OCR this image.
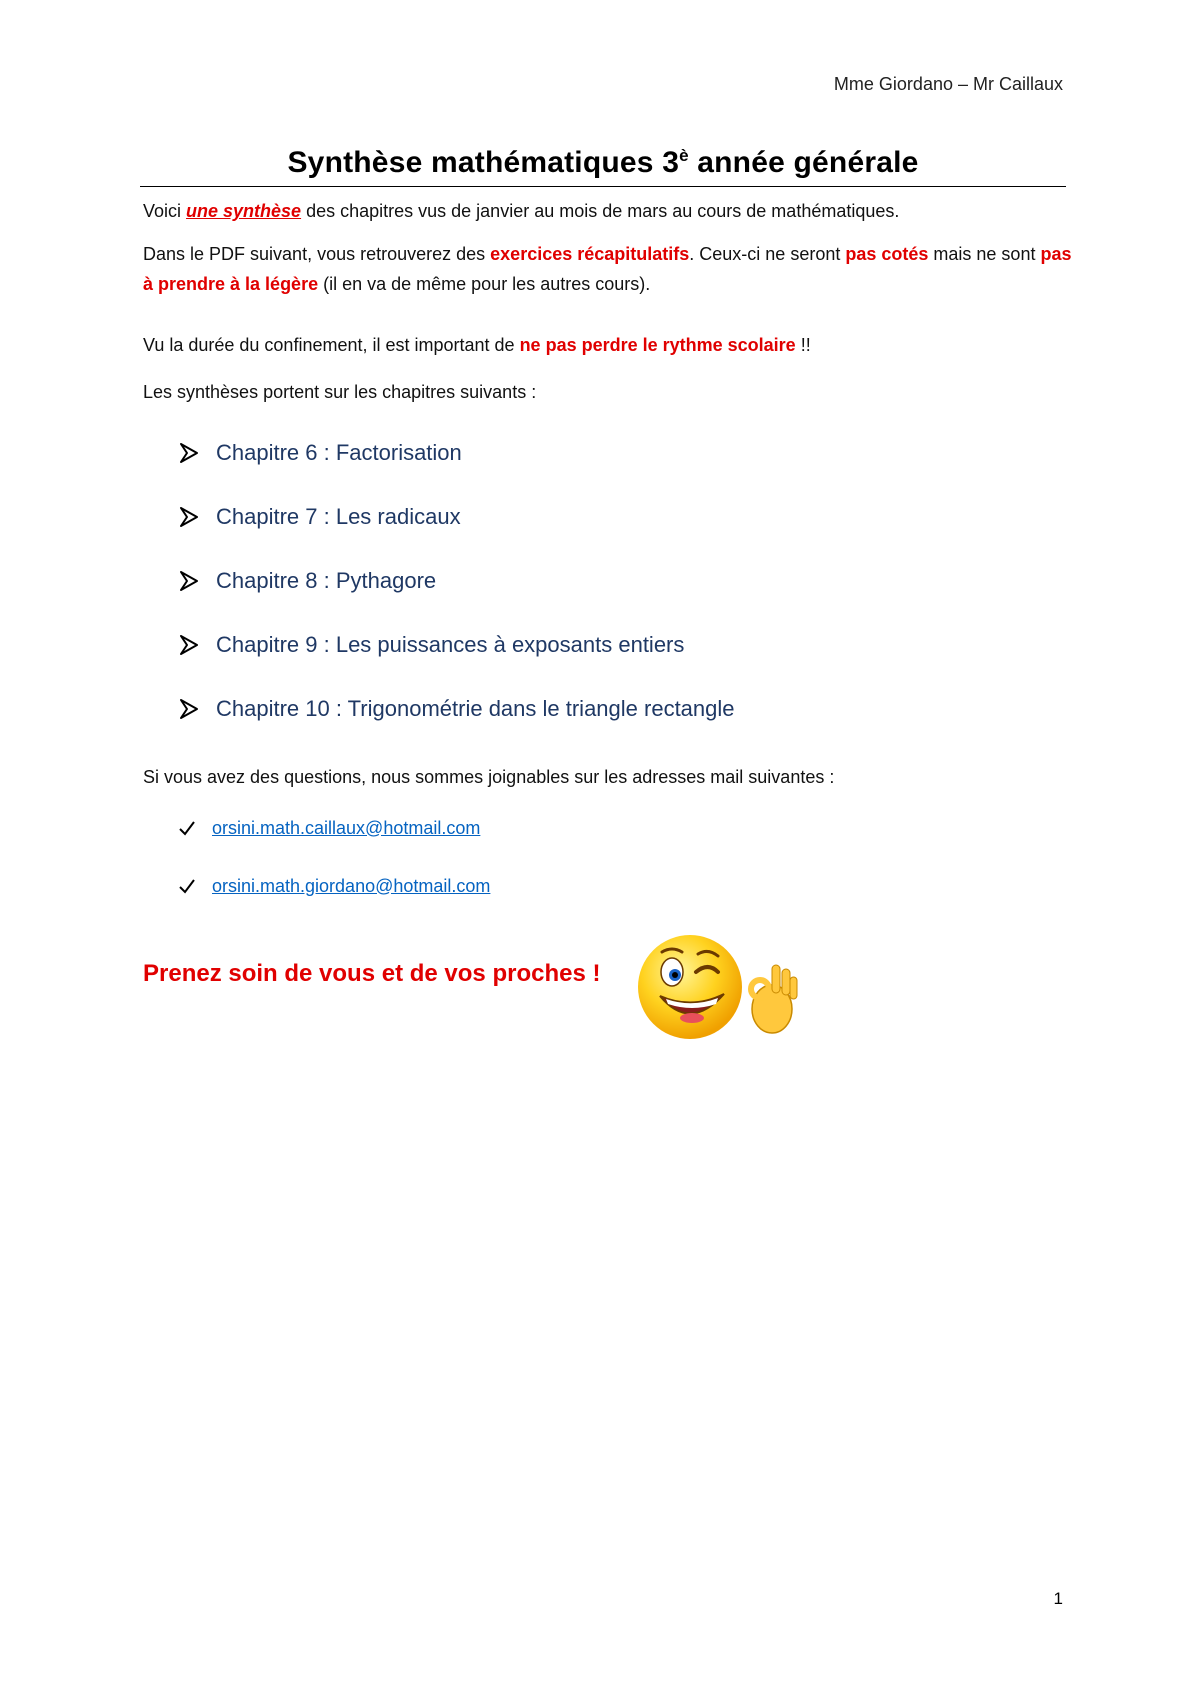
Mme Giordano – Mr Caillaux
Synthèse mathématiques $3^è$ année générale
Voici une synthèse des chapitres vus de janvier au mois de mars au cours de mathématiques.
Dans le PDF suivant, vous retrouverez des exercices récapitulatifs. Ceux-ci ne seront pas cotés mais ne sont pas à prendre à la légère (il en va de même pour les autres cours).
Vu la durée du confinement, il est important de ne pas perdre le rythme scolaire !!
Les synthèses portent sur les chapitres suivants :
Chapitre 6 : Factorisation
Chapitre 7 : Les radicaux
Chapitre 8 : Pythagore
Chapitre 9 : Les puissances à exposants entiers
Chapitre 10 : Trigonométrie dans le triangle rectangle
Si vous avez des questions, nous sommes joignables sur les adresses mail suivantes :
orsini.math.caillaux@hotmail.com
orsini.math.giordano@hotmail.com
Prenez soin de vous et de vos proches !
1
